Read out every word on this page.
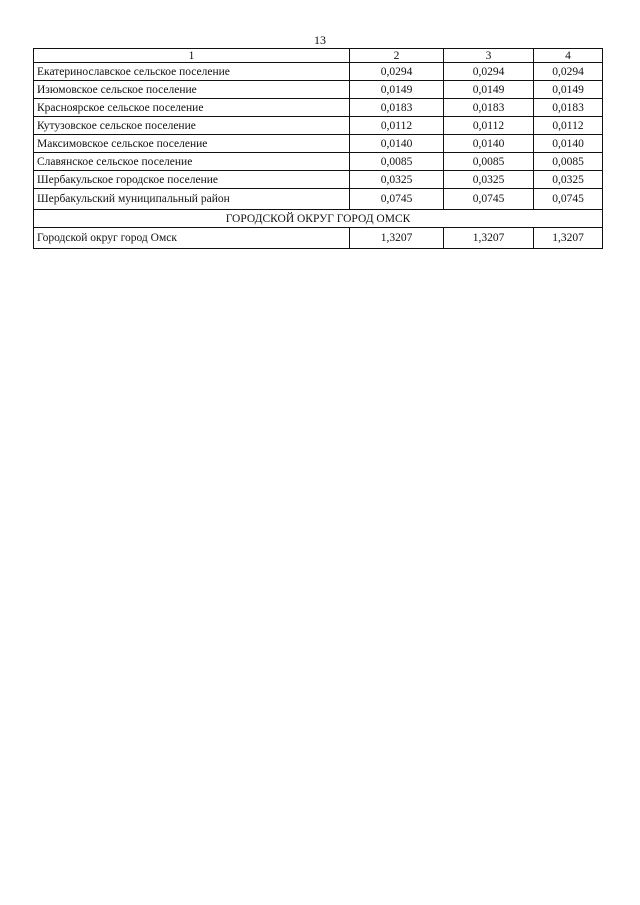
13
1	2	3	4
Екатеринославское сельское поселение	0,0294	0,0294	0,0294
Изюмовское сельское поселение	0,0149	0,0149	0,0149
Красноярское сельское поселение	0,0183	0,0183	0,0183
Кутузовское сельское поселение	0,0112	0,0112	0,0112
Максимовское сельское поселение	0,0140	0,0140	0,0140
Славянское сельское поселение	0,0085	0,0085	0,0085
Шербакульское городское поселение	0,0325	0,0325	0,0325
Шербакульский муниципальный район	0,0745	0,0745	0,0745
ГОРОДСКОЙ ОКРУГ ГОРОД ОМСК			
Городской округ город Омск	1,3207	1,3207	1,3207
